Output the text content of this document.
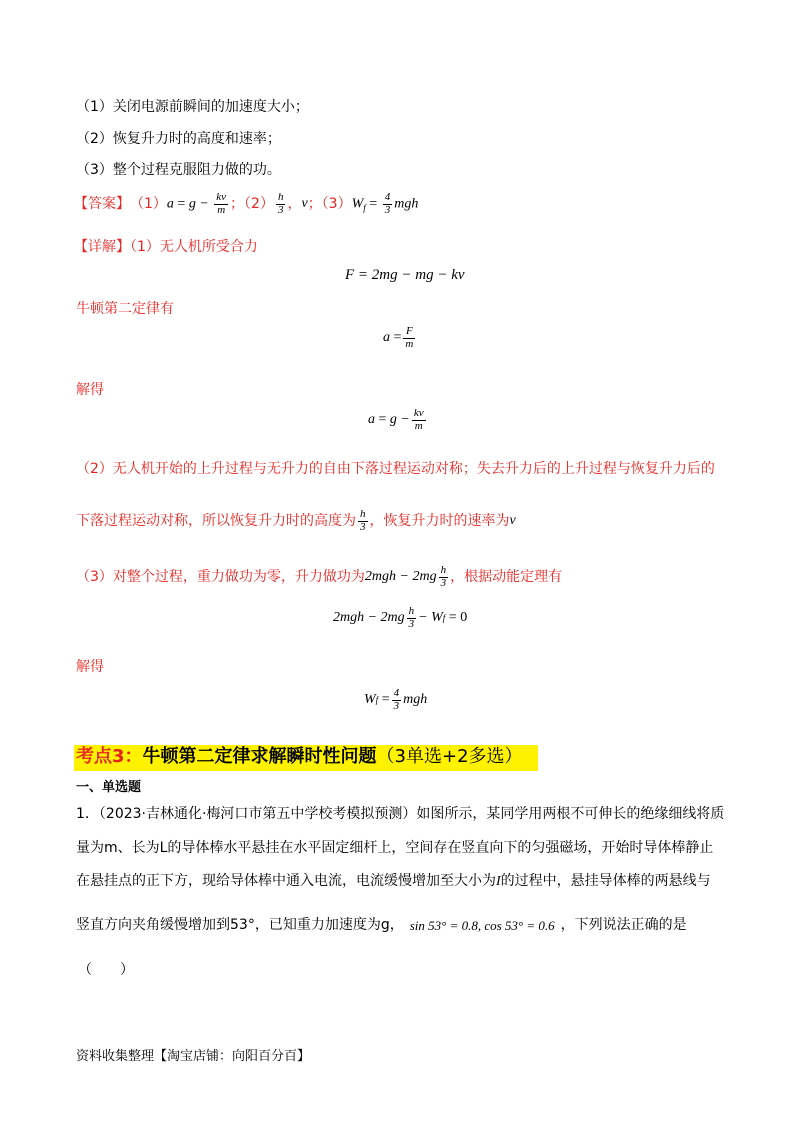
（1）关闭电源前瞬间的加速度大小；
（2）恢复升力时的高度和速率；
（3）整个过程克服阻力做的功。
【答案】 （1） $a = g - \frac{kv}{m}$ ；$(2) \frac{h}{3}$ ， v ；（3） $W_f = \frac{4}{3}$ mgh
【详解】（1）无人机所受合力
F = 2mg − mg − kv
牛顿第二定律有
a
= $\frac{F}{m}$
解得
a
=
$g - \frac{kv}{m}$
（2）无人机开始的上升过程与无升力的自由下落过程运动对称；失去升力后的上升过程与恢复升力后的
下落过程运动对称，所以恢复升力时的高度为 $\frac{h}{3}$ ，恢复升力时的速率为 v
（3）对整个过程，重力做功为零，升力做功为 $2mgh - 2mg \frac{h}{3}$ ，根据动能定理有
$2mgh - 2mg \frac{h}{3} - W$ f
= 0
解得
W f
= $\frac{4}{3}$ mgh
考点3：牛顿第二定律求解瞬时性问题（3单选+2多选）
一、单选题
1．（2023·吉林通化·梅河口市第五中学校考模拟预测）如图所示，某同学用两根不可伸长的绝缘细线将质
量为m、长为L的导体棒水平悬挂在水平固定细杆上，空间存在竖直向下的匀强磁场，开始时导体棒静止
在悬挂点的正下方，现给导体棒中通入电流，电流缓慢增加至大小为I的过程中，悬挂导体棒的两悬线与
竖直方向夹角缓慢增加到53°，已知重力加速度为g， sin 53° = 0.8, cos 53° = 0.6 ，下列说法正确的是
（　　）
资料收集整理【淘宝店铺：向阳百分百】
